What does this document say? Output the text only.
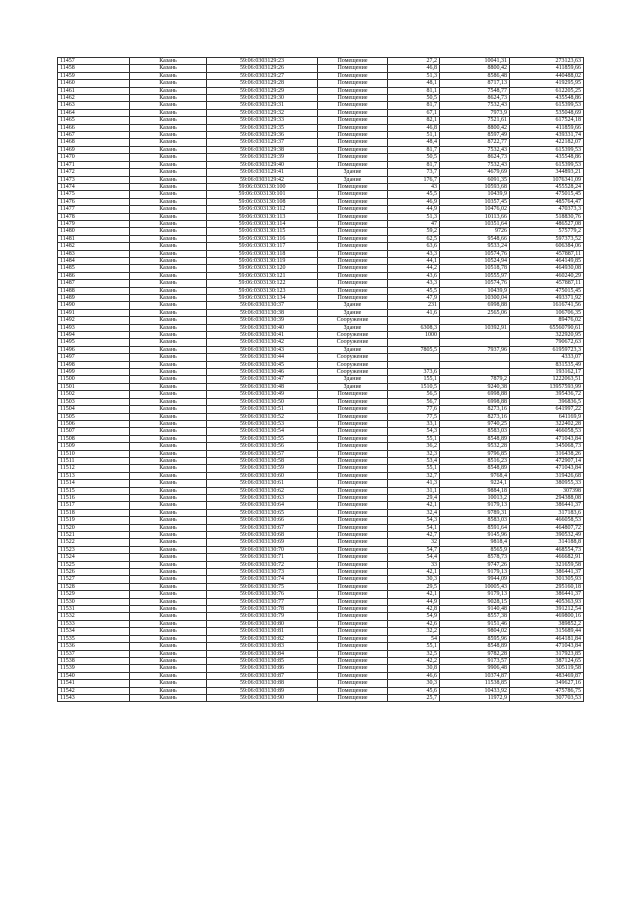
11457	Казань	59:06:0303129:23	Помещение	27,2	10041,31	273123,63
11458	Казань	59:06:0303129:26	Помещение	46,8	8800,42	411859,66
11459	Казань	59:06:0303129:27	Помещение	51,3	8586,48	440488,02
11460	Казань	59:06:0303129:28	Помещение	48,1	8717,13	419295,95
11461	Казань	59:06:0303129:29	Помещение	81,1	7548,77	612205,25
11462	Казань	59:06:0303129:30	Помещение	50,5	8624,73	435548,86
11463	Казань	59:06:0303129:31	Помещение	81,7	7532,43	615399,53
11464	Казань	59:06:0303129:32	Помещение	67,1	7973,9	535048,69
11465	Казань	59:06:0303129:33	Помещение	82,1	7521,61	617524,18
11466	Казань	59:06:0303129:35	Помещение	46,8	8800,42	411859,66
11467	Казань	59:06:0303129:36	Помещение	51,1	8597,49	439331,74
11468	Казань	59:06:0303129:37	Помещение	48,4	8722,77	422182,07
11469	Казань	59:06:0303129:38	Помещение	81,7	7532,43	615399,53
11470	Казань	59:06:0303129:39	Помещение	50,5	8624,73	435548,86
11471	Казань	59:06:0303129:40	Помещение	81,7	7532,43	615399,53
11472	Казань	59:06:0303129:41	Здание	73,7	4679,69	344893,21
11473	Казань	59:06:0303129:42	Здание	176,7	6091,35	1076341,09
11474	Казань	59:06:0303130:100	Помещение	43	10593,68	455528,24
11475	Казань	59:06:0303130:101	Помещение	45,5	10439,9	475015,45
11476	Казань	59:06:0303130:108	Помещение	46,9	10357,45	485764,47
11477	Казань	59:06:0303130:112	Помещение	44,9	10476,02	470373,3
11478	Казань	59:06:0303130:113	Помещение	51,3	10113,66	518830,76
11479	Казань	59:06:0303130:114	Помещение	47	10351,64	486527,08
11480	Казань	59:06:0303130:115	Помещение	59,2	9726	575779,2
11481	Казань	59:06:0303130:116	Помещение	62,5	9548,66	597373,52
11482	Казань	59:06:0303130:117	Помещение	63,6	9533,24	606384,06
11483	Казань	59:06:0303130:118	Помещение	43,3	10574,76	457887,11
11484	Казань	59:06:0303130:119	Помещение	44,1	10524,94	464149,85
11485	Казань	59:06:0303130:120	Помещение	44,2	10518,78	464930,08
11486	Казань	59:06:0303130:121	Помещение	43,6	10555,97	460240,29
11487	Казань	59:06:0303130:122	Помещение	43,3	10574,76	457887,11
11488	Казань	59:06:0303130:123	Помещение	45,5	10439,9	475015,45
11489	Казань	59:06:0303130:134	Помещение	47,9	10300,04	493371,92
11490	Казань	59:06:0303130:37	Здание	231	6998,88	1616741,56
11491	Казань	59:06:0303130:38	Здание	41,6	2565,06	106706,35
11492	Казань	59:06:0303130:39	Сооружение			89476,02
11493	Казань	59:06:0303130:40	Здание	6308,3	10392,91	65560790,61
11494	Казань	59:06:0303130:41	Сооружение	1000		322920,95
11495	Казань	59:06:0303130:42	Сооружение			790672,63
11496	Казань	59:06:0303130:43	Здание	7805,5	7937,96	61959723,3
11497	Казань	59:06:0303130:44	Сооружение			4333,07
11498	Казань	59:06:0303130:45	Сооружение			831535,49
11499	Казань	59:06:0303130:46	Сооружение	373,6		193162,17
11500	Казань	59:06:0303130:47	Здание	155,1	7879,2	1222063,51
11501	Казань	59:06:0303130:48	Здание	1510,5	9240,38	13957593,99
11502	Казань	59:06:0303130:49	Помещение	56,5	6998,88	395436,72
11503	Казань	59:06:0303130:50	Помещение	56,7	6998,88	396836,5
11504	Казань	59:06:0303130:51	Помещение	77,6	8273,16	641997,22
11505	Казань	59:06:0303130:52	Помещение	77,5	8273,16	641169,9
11506	Казань	59:06:0303130:53	Помещение	33,1	9740,25	322402,28
11507	Казань	59:06:0303130:54	Помещение	54,3	8583,03	466058,53
11508	Казань	59:06:0303130:55	Помещение	55,1	8548,89	471043,84
11509	Казань	59:06:0303130:56	Помещение	36,2	9532,28	345068,73
11510	Казань	59:06:0303130:57	Помещение	32,3	9796,85	316438,26
11511	Казань	59:06:0303130:58	Помещение	53,4	8516,23	472907,14
11512	Казань	59:06:0303130:59	Помещение	55,1	8548,89	471043,84
11513	Казань	59:06:0303130:60	Помещение	32,7	9768,4	319426,68
11514	Казань	59:06:0303130:61	Помещение	41,3	9224,1	380955,33
11515	Казань	59:06:0303130:62	Помещение	31,1	9884,18	307398
11516	Казань	59:06:0303130:63	Помещение	29,4	10013,2	294388,08
11517	Казань	59:06:0303130:64	Помещение	42,1	9179,13	386441,37
11518	Казань	59:06:0303130:65	Помещение	32,4	9789,31	317183,6
11519	Казань	59:06:0303130:66	Помещение	54,3	8583,03	466058,53
11520	Казань	59:06:0303130:67	Помещение	54,1	8591,64	464807,72
11521	Казань	59:06:0303130:68	Помещение	42,7	9145,96	390532,49
11522	Казань	59:06:0303130:69	Помещение	32	9818,4	314188,8
11523	Казань	59:06:0303130:70	Помещение	54,7	8565,9	468554,73
11524	Казань	59:06:0303130:71	Помещение	54,4	8578,73	466682,91
11525	Казань	59:06:0303130:72	Помещение	33	9747,26	321659,58
11526	Казань	59:06:0303130:73	Помещение	42,1	9179,13	386441,37
11527	Казань	59:06:0303130:74	Помещение	30,3	9944,09	301305,93
11528	Казань	59:06:0303130:75	Помещение	29,5	10005,43	295160,18
11529	Казань	59:06:0303130:76	Помещение	42,1	9179,13	386441,37
11530	Казань	59:06:0303130:77	Помещение	44,9	9028,15	405363,93
11531	Казань	59:06:0303130:78	Помещение	42,8	9140,48	391212,54
11532	Казань	59:06:0303130:79	Помещение	54,9	8557,38	469800,16
11533	Казань	59:06:0303130:80	Помещение	42,6	9151,46	389852,2
11534	Казань	59:06:0303130:81	Помещение	32,2	9804,02	315689,44
11535	Казань	59:06:0303130:82	Помещение	54	8595,96	464181,84
11536	Казань	59:06:0303130:83	Помещение	55,1	8548,89	471043,84
11537	Казань	59:06:0303130:84	Помещение	32,5	9782,28	317923,85
11538	Казань	59:06:0303130:85	Помещение	42,2	9173,57	387124,65
11539	Казань	59:06:0303130:86	Помещение	30,8	9906,48	305119,58
11540	Казань	59:06:0303130:87	Помещение	46,6	10374,87	483469,87
11541	Казань	59:06:0303130:88	Помещение	30,3	11538,85	349627,16
11542	Казань	59:06:0303130:89	Помещение	45,6	10433,92	475786,75
11543	Казань	59:06:0303130:90	Помещение	25,7	11972,9	307703,53
